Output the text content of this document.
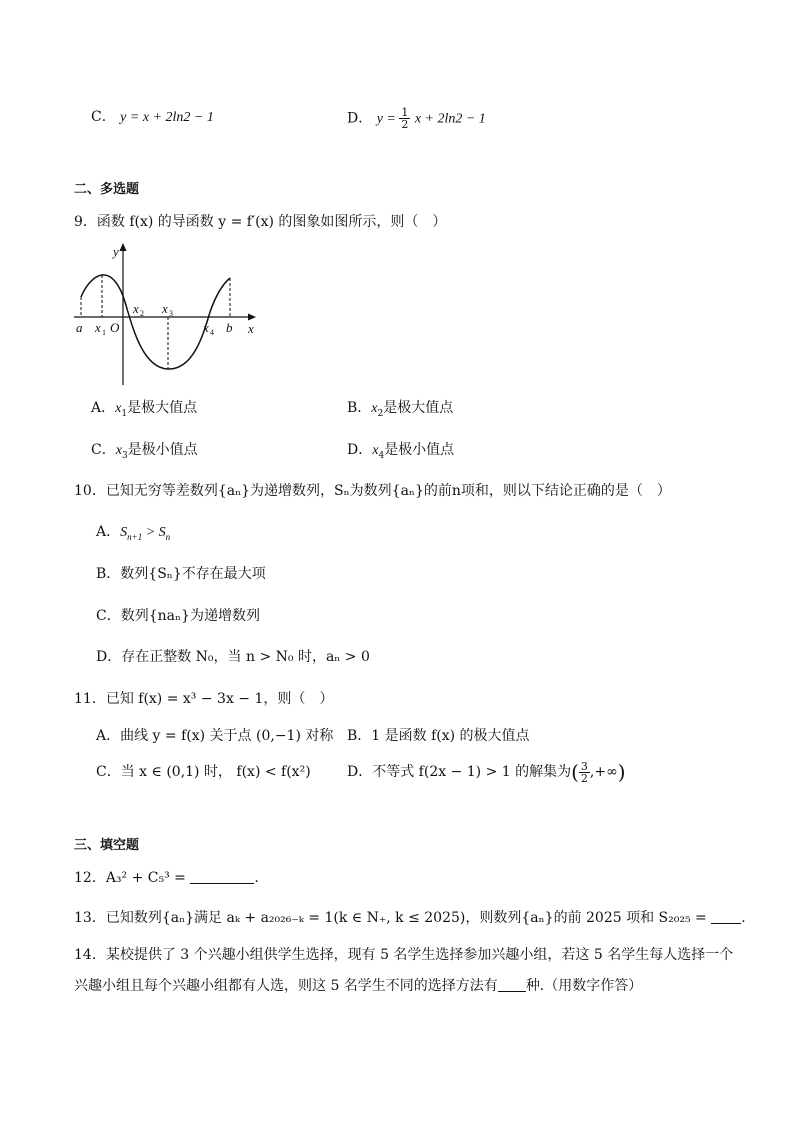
C． y = x + 2ln2 − 1	D． $y = \frac{1}{2}$ x + 2ln2 − 1
二、多选题
9．函数 f(x) 的导函数 y = f′(x) 的图象如图所示，则（　）
y
x
a	b
O
x 1
x 2 x 3
x 4
A．$x_1$是极大值点	B．$x_2$是极大值点
C．$x_3$是极小值点	D．$x_4$是极小值点
10．已知无穷等差数列{aₙ}为递增数列，Sₙ为数列{aₙ}的前n项和，则以下结论正确的是（　）
A．$S_{n+1} > S_n$
B．数列{Sₙ}不存在最大项
C．数列{naₙ}为递增数列
D．存在正整数 N₀，当 n > N₀ 时，aₙ > 0
11．已知 f(x) = x³ − 3x − 1，则（　）
A．曲线 y = f(x) 关于点 (0,−1) 对称 B．1 是函数 f(x) 的极大值点
C．当 x ∈ (0,1) 时， f(x) < f(x²)	D．不等式 f(2x − 1) > 1 的解集为( $\frac{3}{2}$ ,+∞)
三、填空题
12．A₃² + C₅³ =	.
13．已知数列{aₙ}满足 aₖ + a₂₀₂₆₋ₖ = 1(k ∈ N₊, k ≤ 2025)，则数列{aₙ}的前 2025 项和 S₂₀₂₅ = .
14．某校提供了 3 个兴趣小组供学生选择，现有 5 名学生选择参加兴趣小组，若这 5 名学生每人选择一个
兴趣小组且每个兴趣小组都有人选，则这 5 名学生不同的选择方法有 种.（用数字作答）
